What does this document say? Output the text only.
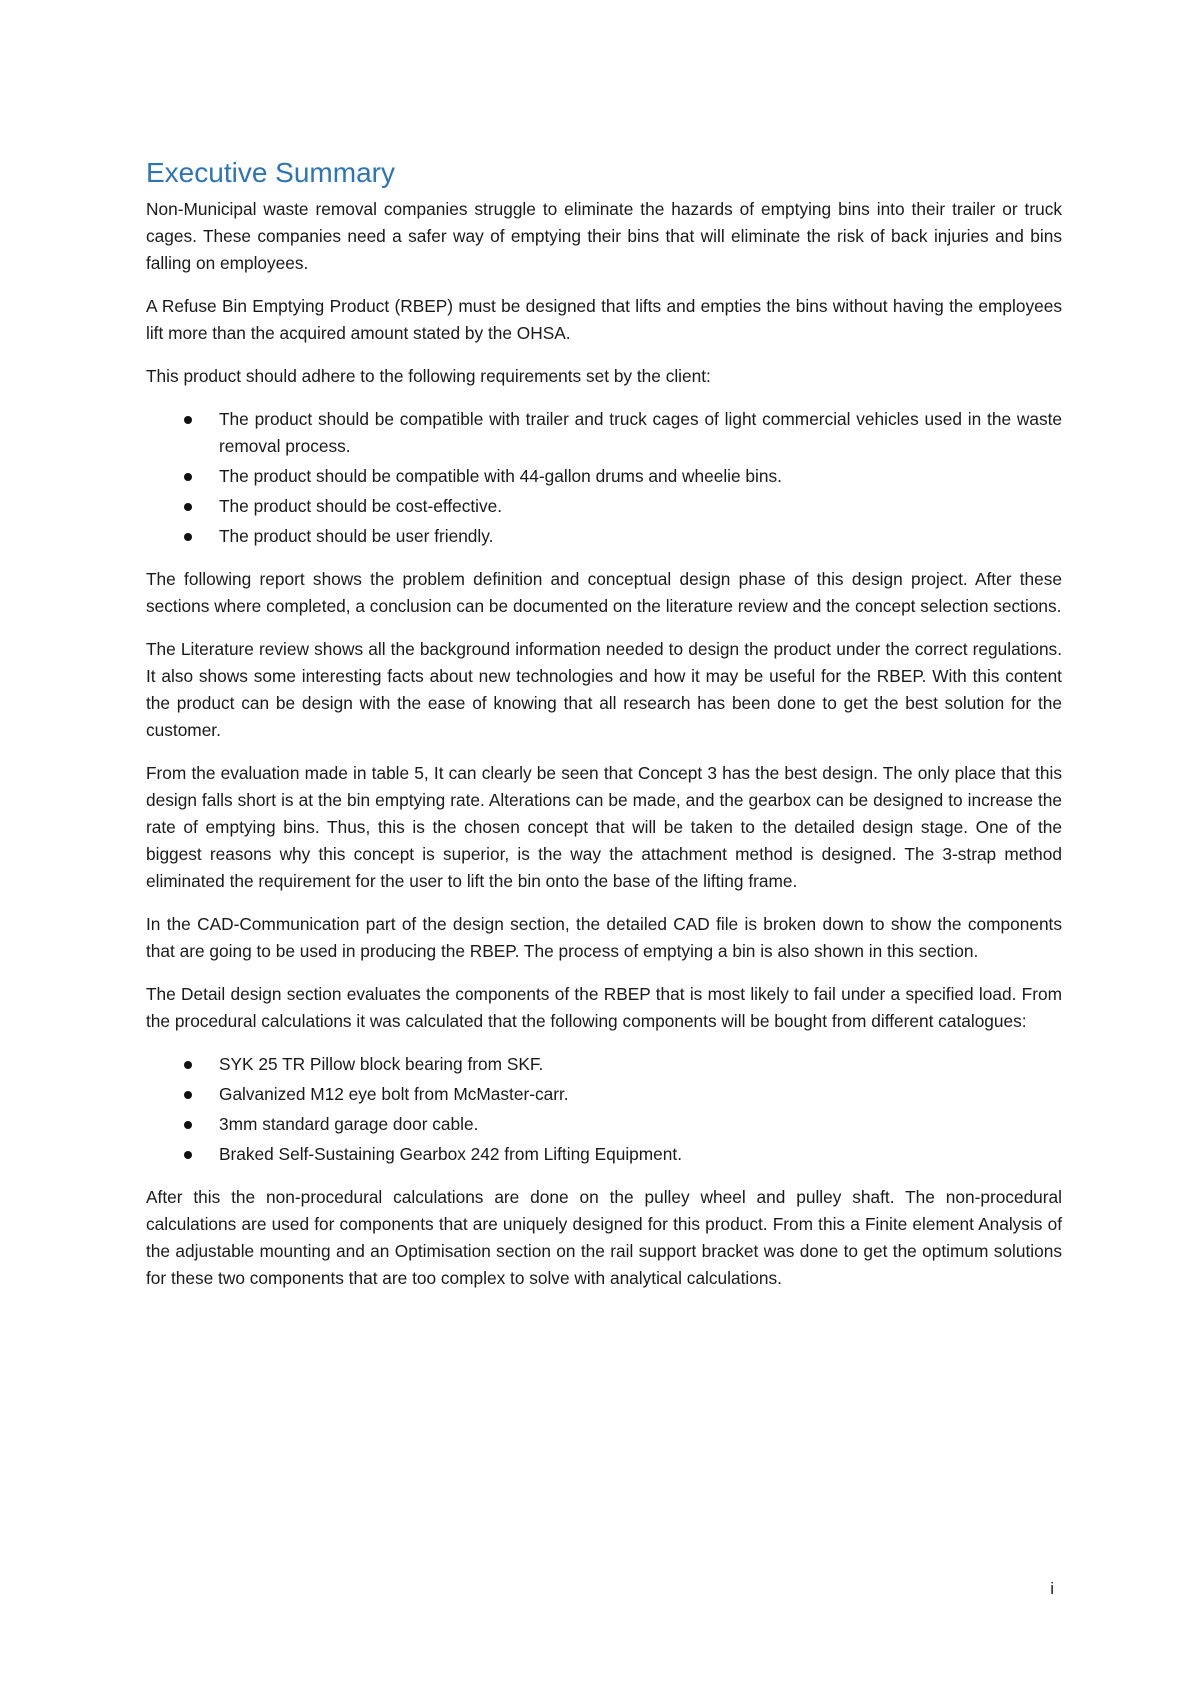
Executive Summary

Non-Municipal waste removal companies struggle to eliminate the hazards of emptying bins into their trailer or truck cages. These companies need a safer way of emptying their bins that will eliminate the risk of back injuries and bins falling on employees.

A Refuse Bin Emptying Product (RBEP) must be designed that lifts and empties the bins without having the employees lift more than the acquired amount stated by the OHSA.

This product should adhere to the following requirements set by the client:

The product should be compatible with trailer and truck cages of light commercial vehicles used in the waste removal process.
The product should be compatible with 44-gallon drums and wheelie bins.
The product should be cost-effective.
The product should be user friendly.

The following report shows the problem definition and conceptual design phase of this design project. After these sections where completed, a conclusion can be documented on the literature review and the concept selection sections.

The Literature review shows all the background information needed to design the product under the correct regulations. It also shows some interesting facts about new technologies and how it may be useful for the RBEP. With this content the product can be design with the ease of knowing that all research has been done to get the best solution for the customer.

From the evaluation made in table 5, It can clearly be seen that Concept 3 has the best design. The only place that this design falls short is at the bin emptying rate. Alterations can be made, and the gearbox can be designed to increase the rate of emptying bins. Thus, this is the chosen concept that will be taken to the detailed design stage. One of the biggest reasons why this concept is superior, is the way the attachment method is designed. The 3-strap method eliminated the requirement for the user to lift the bin onto the base of the lifting frame.

In the CAD-Communication part of the design section, the detailed CAD file is broken down to show the components that are going to be used in producing the RBEP. The process of emptying a bin is also shown in this section.

The Detail design section evaluates the components of the RBEP that is most likely to fail under a specified load. From the procedural calculations it was calculated that the following components will be bought from different catalogues:

SYK 25 TR Pillow block bearing from SKF.
Galvanized M12 eye bolt from McMaster-carr.
3mm standard garage door cable.
Braked Self-Sustaining Gearbox 242 from Lifting Equipment.

After this the non-procedural calculations are done on the pulley wheel and pulley shaft. The non-procedural calculations are used for components that are uniquely designed for this product. From this a Finite element Analysis of the adjustable mounting and an Optimisation section on the rail support bracket was done to get the optimum solutions for these two components that are too complex to solve with analytical calculations.

i
